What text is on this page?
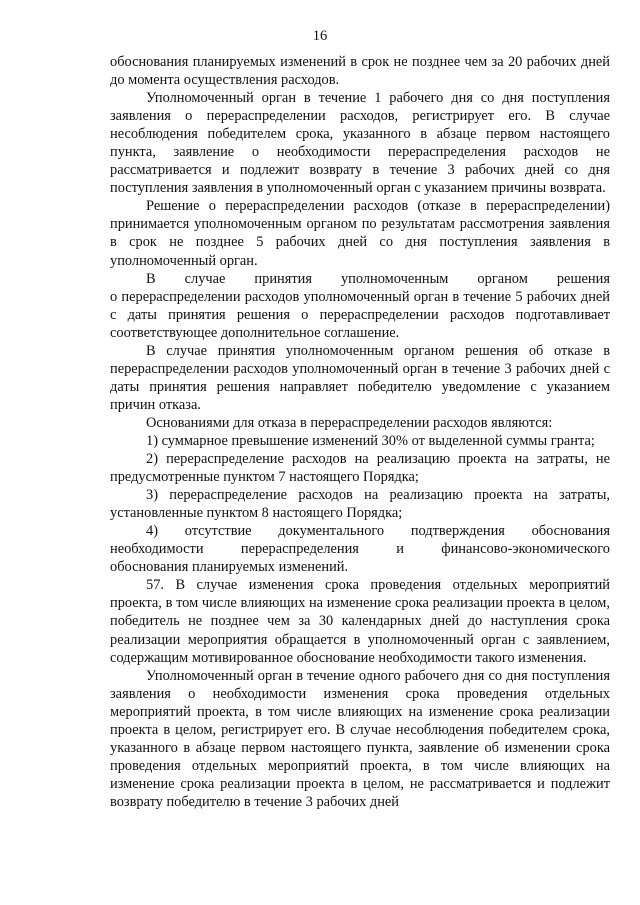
16

обоснования планируемых изменений в срок не позднее чем за 20 рабочих дней до момента осуществления расходов.

Уполномоченный орган в течение 1 рабочего дня со дня поступления заявления о перераспределении расходов, регистрирует его. В случае несоблюдения победителем срока, указанного в абзаце первом настоящего пункта, заявление о необходимости перераспределения расходов не рассматривается и подлежит возврату в течение 3 рабочих дней со дня поступления заявления в уполномоченный орган с указанием причины возврата.

Решение о перераспределении расходов (отказе в перераспределении) принимается уполномоченным органом по результатам рассмотрения заявления в срок не позднее 5 рабочих дней со дня поступления заявления в уполномоченный орган.

В случае принятия уполномоченным органом решения

о перераспределении расходов уполномоченный орган в течение 5 рабочих дней с даты принятия решения о перераспределении расходов подготавливает соответствующее дополнительное соглашение.

В случае принятия уполномоченным органом решения об отказе в перераспределении расходов уполномоченный орган в течение 3 рабочих дней с даты принятия решения направляет победителю уведомление с указанием причин отказа.

Основаниями для отказа в перераспределении расходов являются:

1) суммарное превышение изменений 30% от выделенной суммы гранта;

2) перераспределение расходов на реализацию проекта на затраты, не предусмотренные пунктом 7 настоящего Порядка;

3) перераспределение расходов на реализацию проекта на затраты, установленные пунктом 8 настоящего Порядка;

4) отсутствие документального подтверждения обоснования
необходимости	перераспределения	и	финансово-экономического

обоснования планируемых изменений.

57. В случае изменения срока проведения отдельных мероприятий проекта, в том числе влияющих на изменение срока реализации проекта в целом, победитель не позднее чем за 30 календарных дней до наступления срока реализации мероприятия обращается в уполномоченный орган с заявлением, содержащим мотивированное обоснование необходимости такого изменения.

Уполномоченный орган в течение одного рабочего дня со дня поступления заявления о необходимости изменения срока проведения отдельных мероприятий проекта, в том числе влияющих на изменение срока реализации проекта в целом, регистрирует его. В случае несоблюдения победителем срока, указанного в абзаце первом настоящего пункта, заявление об изменении срока проведения отдельных мероприятий проекта, в том числе влияющих на изменение срока реализации проекта в целом, не рассматривается и подлежит возврату победителю в течение 3 рабочих дней
